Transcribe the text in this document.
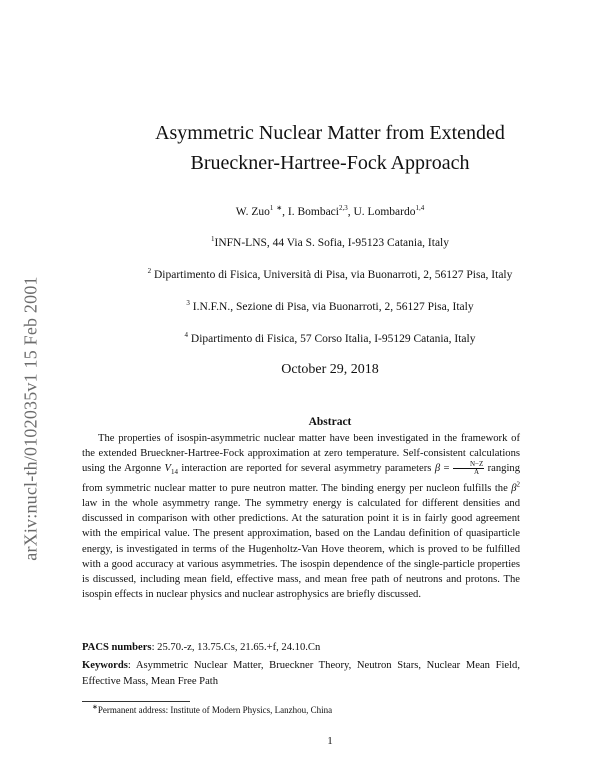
arXiv:nucl-th/0102035v1 15 Feb 2001
Asymmetric Nuclear Matter from Extended
Brueckner-Hartree-Fock Approach
W. Zuo$^1$ ∗, I. Bombaci$^{2,3}$, U. Lombardo$^{1,4}$
$^1$INFN-LNS, 44 Via S. Sofia, I-95123 Catania, Italy
$^2$ Dipartimento di Fisica, Università di Pisa, via Buonarroti, 2, 56127 Pisa, Italy
$^3$ I.N.F.N., Sezione di Pisa, via Buonarroti, 2, 56127 Pisa, Italy
$^4$ Dipartimento di Fisica, 57 Corso Italia, I-95129 Catania, Italy
October 29, 2018
Abstract
The properties of isospin-asymmetric nuclear matter have been investigated in the framework of the extended Brueckner-Hartree-Fock approximation at zero temperature. Self-consistent calculations using the Argonne $V_{14}$ interaction are reported for several asymmetry parameters $\beta = \frac{N-Z}{A}$ ranging from symmetric nuclear matter to pure neutron matter. The binding energy per nucleon fulfills the $\beta^2$ law in the whole asymmetry range. The symmetry energy is calculated for different densities and discussed in comparison with other predictions. At the saturation point it is in fairly good agreement with the empirical value. The present approximation, based on the Landau definition of quasiparticle energy, is investigated in terms of the Hugenholtz-Van Hove theorem, which is proved to be fulfilled with a good accuracy at various asymmetries. The isospin dependence of the single-particle properties is discussed, including mean field, effective mass, and mean free path of neutrons and protons. The isospin effects in nuclear physics and nuclear astrophysics are briefly discussed.
PACS numbers: 25.70.-z, 13.75.Cs, 21.65.+f, 24.10.Cn
Keywords: Asymmetric Nuclear Matter, Brueckner Theory, Neutron Stars, Nuclear Mean Field, Effective Mass, Mean Free Path
∗Permanent address: Institute of Modern Physics, Lanzhou, China
1
